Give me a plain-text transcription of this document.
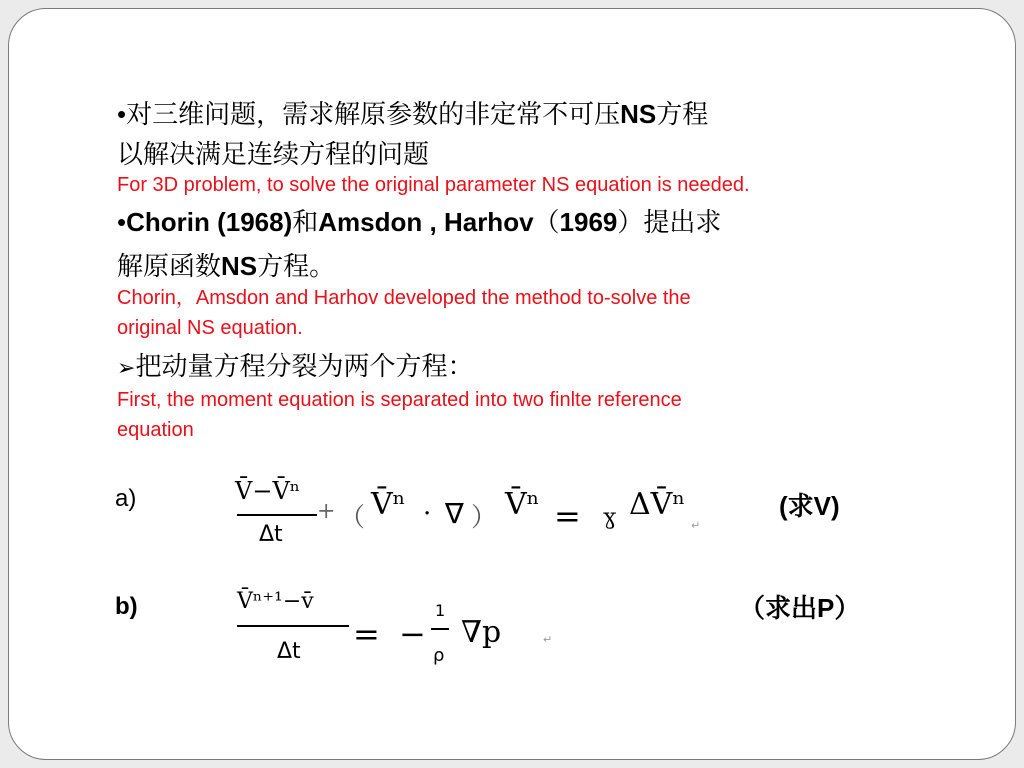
•对三维问题，需求解原参数的非定常不可压NS方程
以解决满足连续方程的问题
For 3D problem, to solve the original parameter NS equation is needed.
•Chorin (1968)和Amsdon , Harhov（1969）提出求
解原函数NS方程。
Chorin，Amsdon and Harhov developed the method to-solve the
original NS equation.
➢把动量方程分裂为两个方程：
First, the moment equation is separated into two finlte reference
equation
a)	V̄−V̄ⁿ
Δt
+ （ V̄ⁿ · ∇ ） V̄ⁿ = ɣ ΔV̄ⁿ
↵
(求V)
b)	V̄ⁿ⁺¹−v̄
Δt = −
1
ρ
∇p	↵
（求出P）
